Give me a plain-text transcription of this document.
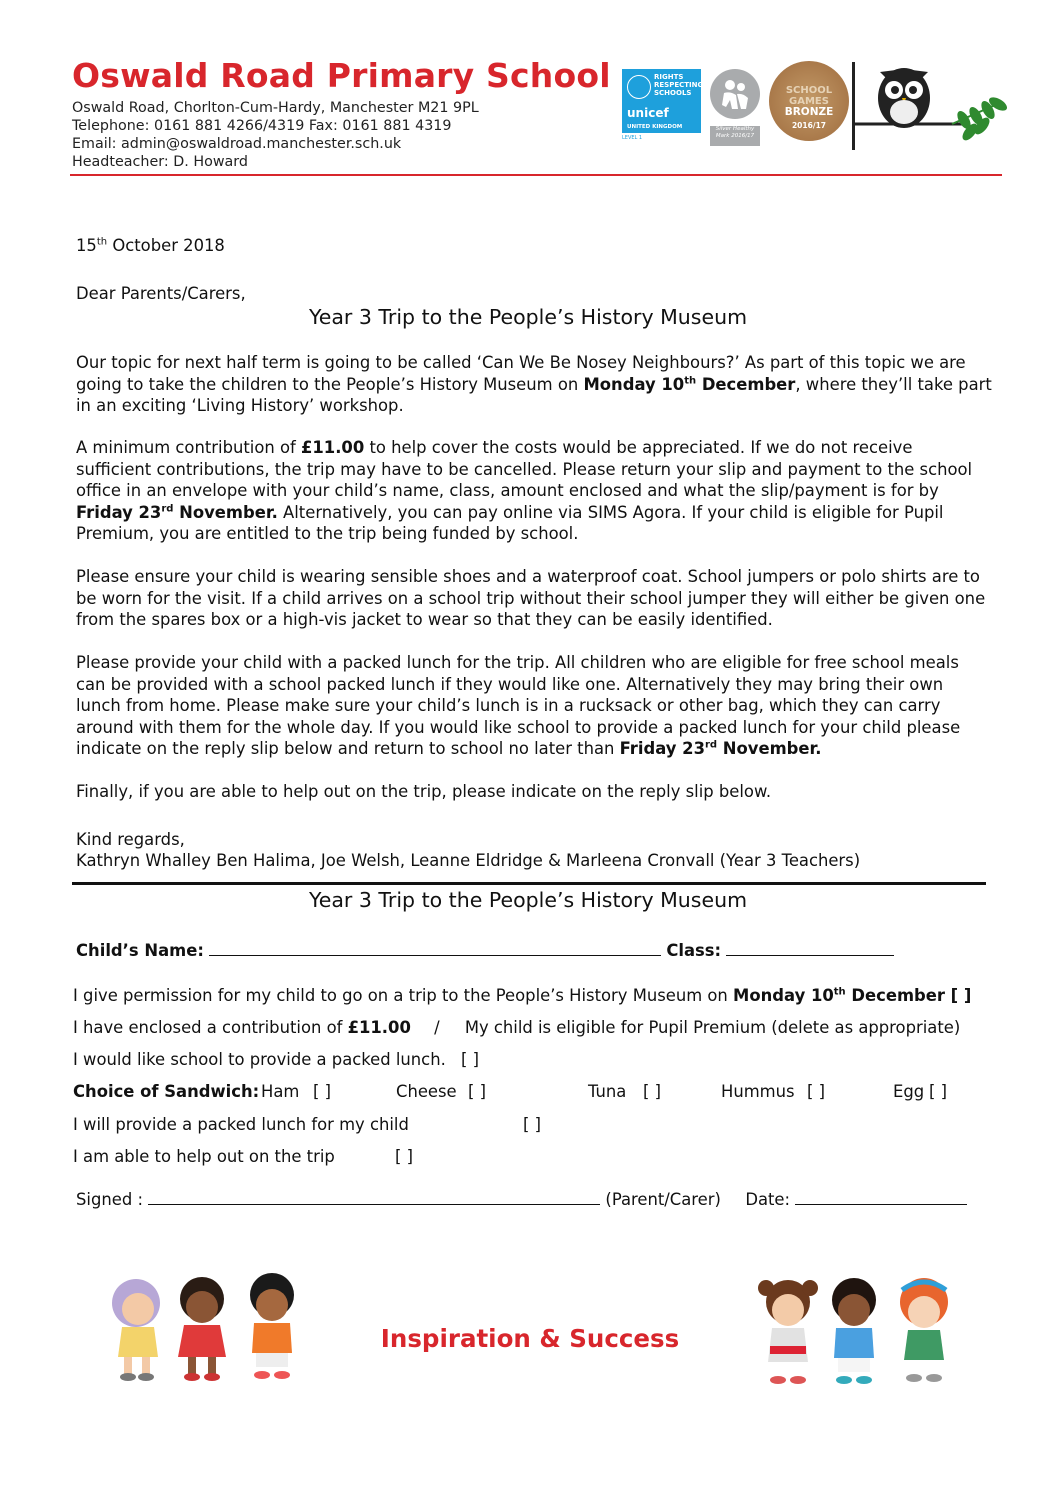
Oswald Road Primary School
Oswald Road, Chorlton-Cum-Hardy, Manchester M21 9PL
Telephone: 0161 881 4266/4319 Fax: 0161 881 4319
Email: admin@oswaldroad.manchester.sch.uk
Headteacher: D. Howard
RIGHTS RESPECTING SCHOOLS
unicef
UNITED KINGDOM
LEVEL 1
Silver Healthy Mark 2016/17
SCHOOL GAMES
BRONZE
2016/17
15th October 2018
Dear Parents/Carers,
Year 3 Trip to the People’s History Museum
Our topic for next half term is going to be called ‘Can We Be Nosey Neighbours?’ As part of this topic we are going to take the children to the People’s History Museum on Monday 10th December, where they’ll take part in an exciting ‘Living History’ workshop.
A minimum contribution of £11.00 to help cover the costs would be appreciated. If we do not receive sufficient contributions, the trip may have to be cancelled. Please return your slip and payment to the school office in an envelope with your child’s name, class, amount enclosed and what the slip/payment is for by Friday 23rd November. Alternatively, you can pay online via SIMS Agora. If your child is eligible for Pupil Premium, you are entitled to the trip being funded by school.
Please ensure your child is wearing sensible shoes and a waterproof coat. School jumpers or polo shirts are to be worn for the visit. If a child arrives on a school trip without their school jumper they will either be given one from the spares box or a high-vis jacket to wear so that they can be easily identified.
Please provide your child with a packed lunch for the trip. All children who are eligible for free school meals can be provided with a school packed lunch if they would like one. Alternatively they may bring their own lunch from home. Please make sure your child’s lunch is in a rucksack or other bag, which they can carry around with them for the whole day. If you would like school to provide a packed lunch for your child please indicate on the reply slip below and return to school no later than Friday 23rd November.
Finally, if you are able to help out on the trip, please indicate on the reply slip below.
Kind regards,
Kathryn Whalley Ben Halima, Joe Welsh, Leanne Eldridge & Marleena Cronvall (Year 3 Teachers)
Year 3 Trip to the People’s History Museum
Child’s Name:	Class:
I give permission for my child to go on a trip to the People’s History Museum on Monday 10th December [ ]
I have enclosed a contribution of £11.00 / My child is eligible for Pupil Premium (delete as appropriate)
I would like school to provide a packed lunch. [ ]
Choice of Sandwich: Ham [ ]	Cheese [ ]	Tuna [ ]	Hummus [ ]	Egg [ ]
I will provide a packed lunch for my child	[ ]
I am able to help out on the trip	[ ]
Signed :	(Parent/Carer) Date:
Inspiration & Success
